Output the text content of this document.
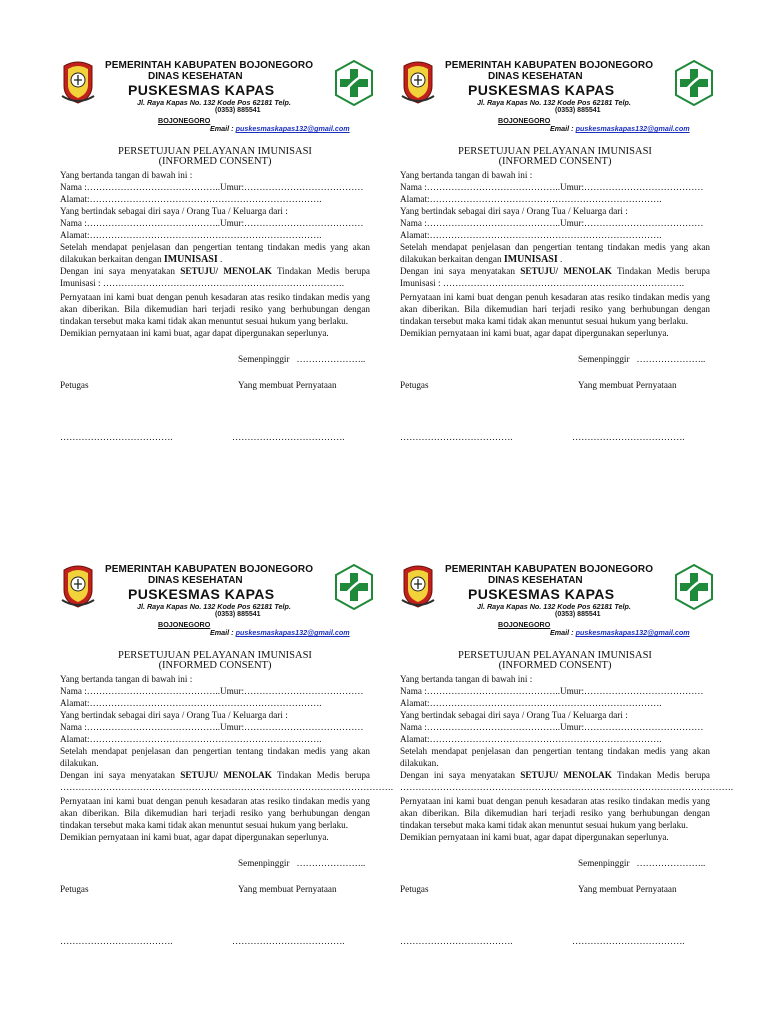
PEMERINTAH KABUPATEN BOJONEGORO
DINAS KESEHATAN
PUSKESMAS KAPAS
Jl. Raya Kapas No. 132 Kode Pos 62181 Telp.
(0353) 885541
BOJONEGORO
Email : puskesmaskapas132@gmail.com
PERSETUJUAN PELAYANAN IMUNISASI
(INFORMED CONSENT)
Yang bertanda tangan di bawah ini :
Nama :……………………………………..Umur:…………………………………
Alamat:………………………………………………………………….
Yang bertindak sebagai diri saya / Orang Tua / Keluarga dari :
Nama :……………………………………..Umur:…………………………………
Alamat:………………………………………………………………….
Setelah mendapat penjelasan dan pengertian tentang tindakan medis yang akan
dilakukan berkaitan dengan IMUNISASI .
Dengan ini saya menyatakan SETUJU/ MENOLAK Tindakan Medis berupa
Imunisasi : …………………………………………………………………….
Pernyataan ini kami buat dengan penuh kesadaran atas resiko tindakan medis yang
akan diberikan. Bila dikemudian hari terjadi resiko yang berhubungan dengan
tindakan tersebut maka kami tidak akan menuntut sesuai hukum yang berlaku.
Demikian pernyataan ini kami buat, agar dapat dipergunakan seperlunya.
Semenpinggir   …………………..
Petugas	Yang membuat Pernyataan
……………………………….	……………………………….
PEMERINTAH KABUPATEN BOJONEGORO
DINAS KESEHATAN
PUSKESMAS KAPAS
Jl. Raya Kapas No. 132 Kode Pos 62181 Telp.
(0353) 885541
BOJONEGORO
Email : puskesmaskapas132@gmail.com
PERSETUJUAN PELAYANAN IMUNISASI
(INFORMED CONSENT)
Yang bertanda tangan di bawah ini :
Nama :……………………………………..Umur:…………………………………
Alamat:………………………………………………………………….
Yang bertindak sebagai diri saya / Orang Tua / Keluarga dari :
Nama :……………………………………..Umur:…………………………………
Alamat:………………………………………………………………….
Setelah mendapat penjelasan dan pengertian tentang tindakan medis yang akan
dilakukan berkaitan dengan IMUNISASI .
Dengan ini saya menyatakan SETUJU/ MENOLAK Tindakan Medis berupa
Imunisasi : …………………………………………………………………….
Pernyataan ini kami buat dengan penuh kesadaran atas resiko tindakan medis yang
akan diberikan. Bila dikemudian hari terjadi resiko yang berhubungan dengan
tindakan tersebut maka kami tidak akan menuntut sesuai hukum yang berlaku.
Demikian pernyataan ini kami buat, agar dapat dipergunakan seperlunya.
Semenpinggir   …………………..
Petugas	Yang membuat Pernyataan
……………………………….	……………………………….
PEMERINTAH KABUPATEN BOJONEGORO
DINAS KESEHATAN
PUSKESMAS KAPAS
Jl. Raya Kapas No. 132 Kode Pos 62181 Telp.
(0353) 885541
BOJONEGORO
Email : puskesmaskapas132@gmail.com
PERSETUJUAN PELAYANAN IMUNISASI
(INFORMED CONSENT)
Yang bertanda tangan di bawah ini :
Nama :……………………………………..Umur:…………………………………
Alamat:………………………………………………………………….
Yang bertindak sebagai diri saya / Orang Tua / Keluarga dari :
Nama :……………………………………..Umur:…………………………………
Alamat:………………………………………………………………….
Setelah mendapat penjelasan dan pengertian tentang tindakan medis yang akan
dilakukan.
Dengan ini saya menyatakan SETUJU/ MENOLAK Tindakan Medis berupa
……………………………………………………………………………………………….
Pernyataan ini kami buat dengan penuh kesadaran atas resiko tindakan medis yang
akan diberikan. Bila dikemudian hari terjadi resiko yang berhubungan dengan
tindakan tersebut maka kami tidak akan menuntut sesuai hukum yang berlaku.
Demikian pernyataan ini kami buat, agar dapat dipergunakan seperlunya.
Semenpinggir   …………………..
Petugas	Yang membuat Pernyataan
……………………………….	……………………………….
PEMERINTAH KABUPATEN BOJONEGORO
DINAS KESEHATAN
PUSKESMAS KAPAS
Jl. Raya Kapas No. 132 Kode Pos 62181 Telp.
(0353) 885541
BOJONEGORO
Email : puskesmaskapas132@gmail.com
PERSETUJUAN PELAYANAN IMUNISASI
(INFORMED CONSENT)
Yang bertanda tangan di bawah ini :
Nama :……………………………………..Umur:…………………………………
Alamat:………………………………………………………………….
Yang bertindak sebagai diri saya / Orang Tua / Keluarga dari :
Nama :……………………………………..Umur:…………………………………
Alamat:………………………………………………………………….
Setelah mendapat penjelasan dan pengertian tentang tindakan medis yang akan
dilakukan.
Dengan ini saya menyatakan SETUJU/ MENOLAK Tindakan Medis berupa
……………………………………………………………………………………………….
Pernyataan ini kami buat dengan penuh kesadaran atas resiko tindakan medis yang
akan diberikan. Bila dikemudian hari terjadi resiko yang berhubungan dengan
tindakan tersebut maka kami tidak akan menuntut sesuai hukum yang berlaku.
Demikian pernyataan ini kami buat, agar dapat dipergunakan seperlunya.
Semenpinggir   …………………..
Petugas	Yang membuat Pernyataan
……………………………….	……………………………….
